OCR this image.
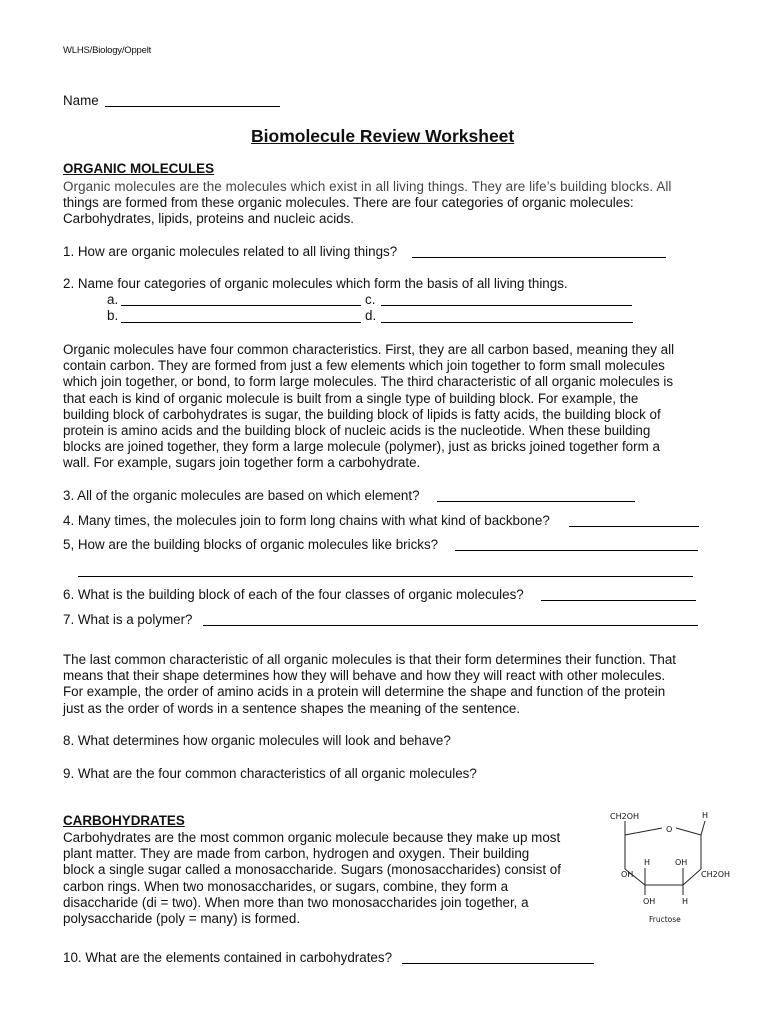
WLHS/Biology/Oppelt
Name
Biomolecule Review Worksheet
ORGANIC MOLECULES
Organic molecules are the molecules which exist in all living things. They are life’s building blocks. All
things are formed from these organic molecules. There are four categories of organic molecules:
Carbohydrates, lipids, proteins and nucleic acids.
1. How are organic molecules related to all living things?
2. Name four categories of organic molecules which form the basis of all living things.
a.	c.
b.	d.
Organic molecules have four common characteristics. First, they are all carbon based, meaning they all
contain carbon. They are formed from just a few elements which join together to form small molecules
which join together, or bond, to form large molecules. The third characteristic of all organic molecules is
that each is kind of organic molecule is built from a single type of building block. For example, the
building block of carbohydrates is sugar, the building block of lipids is fatty acids, the building block of
protein is amino acids and the building block of nucleic acids is the nucleotide. When these building
blocks are joined together, they form a large molecule (polymer), just as bricks joined together form a
wall. For example, sugars join together form a carbohydrate.
3. All of the organic molecules are based on which element?
4. Many times, the molecules join to form long chains with what kind of backbone?
5, How are the building blocks of organic molecules like bricks?
6. What is the building block of each of the four classes of organic molecules?
7. What is a polymer?
The last common characteristic of all organic molecules is that their form determines their function. That
means that their shape determines how they will behave and how they will react with other molecules.
For example, the order of amino acids in a protein will determine the shape and function of the protein
just as the order of words in a sentence shapes the meaning of the sentence.
8. What determines how organic molecules will look and behave?
9. What are the four common characteristics of all organic molecules?
CARBOHYDRATES
Carbohydrates are the most common organic molecule because they make up most
plant matter. They are made from carbon, hydrogen and oxygen. Their building
block a single sugar called a monosaccharide. Sugars (monosaccharides) consist of
carbon rings. When two monosaccharides, or sugars, combine, they form a
disaccharide (di = two). When more than two monosaccharides join together, a
polysaccharide (poly = many) is formed.
10. What are the elements contained in carbohydrates?
CH2OH	H
O
H	OH
OH	CH2OH
OH	H
Fructose
